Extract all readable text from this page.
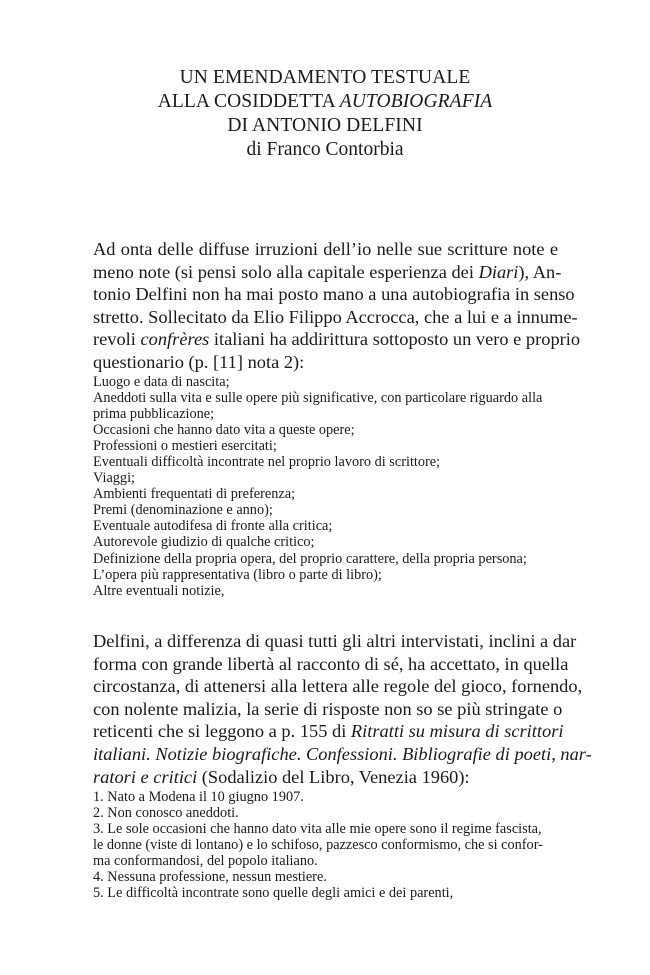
UN EMENDAMENTO TESTUALE
ALLA COSIDDETTA AUTOBIOGRAFIA
DI ANTONIO DELFINI
di Franco Contorbia
Ad onta delle diffuse irruzioni dell’io nelle sue scritture note e
meno note (si pensi solo alla capitale esperienza dei Diari), An-
tonio Delfini non ha mai posto mano a una autobiografia in senso
stretto. Sollecitato da Elio Filippo Accrocca, che a lui e a innume-
revoli confrères italiani ha addirittura sottoposto un vero e proprio
questionario (p. [11] nota 2):
Luogo e data di nascita;
Aneddoti sulla vita e sulle opere più significative, con particolare riguardo alla
prima pubblicazione;
Occasioni che hanno dato vita a queste opere;
Professioni o mestieri esercitati;
Eventuali difficoltà incontrate nel proprio lavoro di scrittore;
Viaggi;
Ambienti frequentati di preferenza;
Premi (denominazione e anno);
Eventuale autodifesa di fronte alla critica;
Autorevole giudizio di qualche critico;
Definizione della propria opera, del proprio carattere, della propria persona;
L’opera più rappresentativa (libro o parte di libro);
Altre eventuali notizie,
Delfini, a differenza di quasi tutti gli altri intervistati, inclini a dar
forma con grande libertà al racconto di sé, ha accettato, in quella
circostanza, di attenersi alla lettera alle regole del gioco, fornendo,
con nolente malizia, la serie di risposte non so se più stringate o
reticenti che si leggono a p. 155 di Ritratti su misura di scrittori
italiani. Notizie biografiche. Confessioni. Bibliografie di poeti, nar-
ratori e critici (Sodalizio del Libro, Venezia 1960):
1. Nato a Modena il 10 giugno 1907.
2. Non conosco aneddoti.
3. Le sole occasioni che hanno dato vita alle mie opere sono il regime fascista,
le donne (viste di lontano) e lo schifoso, pazzesco conformismo, che si confor-
ma conformandosi, del popolo italiano.
4. Nessuna professione, nessun mestiere.
5. Le difficoltà incontrate sono quelle degli amici e dei parenti,
